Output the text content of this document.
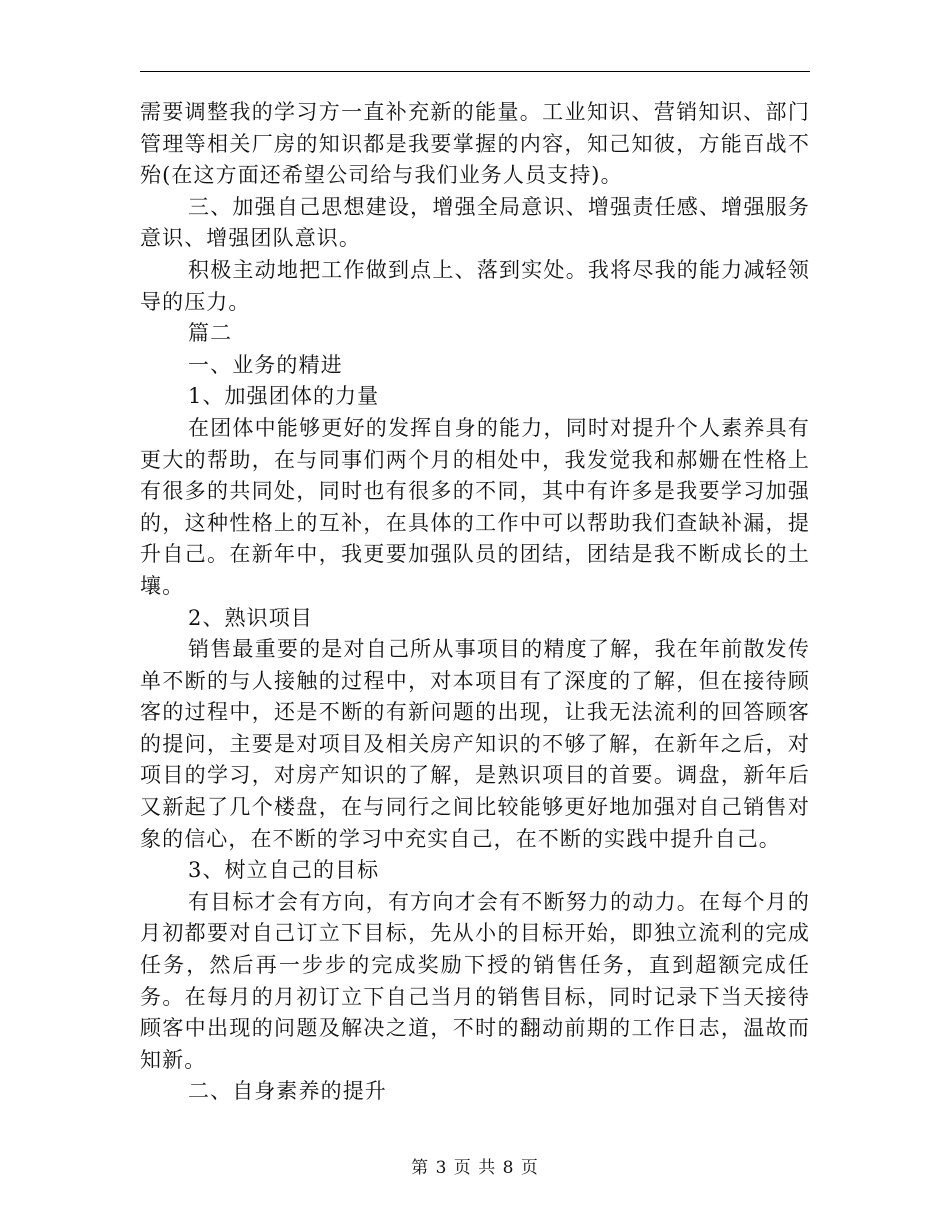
需要调整我的学习方一直补充新的能量。工业知识、营销知识、部门管理等相关厂房的知识都是我要掌握的内容，知己知彼，方能百战不殆(在这方面还希望公司给与我们业务人员支持)。

三、加强自己思想建设，增强全局意识、增强责任感、增强服务意识、增强团队意识。

积极主动地把工作做到点上、落到实处。我将尽我的能力减轻领导的压力。

篇二

一、业务的精进

1、加强团体的力量

在团体中能够更好的发挥自身的能力，同时对提升个人素养具有更大的帮助，在与同事们两个月的相处中，我发觉我和郝姗在性格上有很多的共同处，同时也有很多的不同，其中有许多是我要学习加强的，这种性格上的互补，在具体的工作中可以帮助我们查缺补漏，提升自己。在新年中，我更要加强队员的团结，团结是我不断成长的土壤。

2、熟识项目

销售最重要的是对自己所从事项目的精度了解，我在年前散发传单不断的与人接触的过程中，对本项目有了深度的了解，但在接待顾客的过程中，还是不断的有新问题的出现，让我无法流利的回答顾客的提问，主要是对项目及相关房产知识的不够了解，在新年之后，对项目的学习，对房产知识的了解，是熟识项目的首要。调盘，新年后又新起了几个楼盘，在与同行之间比较能够更好地加强对自己销售对象的信心，在不断的学习中充实自己，在不断的实践中提升自己。

3、树立自己的目标

有目标才会有方向，有方向才会有不断努力的动力。在每个月的月初都要对自己订立下目标，先从小的目标开始，即独立流利的完成任务，然后再一步步的完成奖励下授的销售任务，直到超额完成任务。在每月的月初订立下自己当月的销售目标，同时记录下当天接待顾客中出现的问题及解决之道，不时的翻动前期的工作日志，温故而知新。

二、自身素养的提升

第 3 页 共 8 页
